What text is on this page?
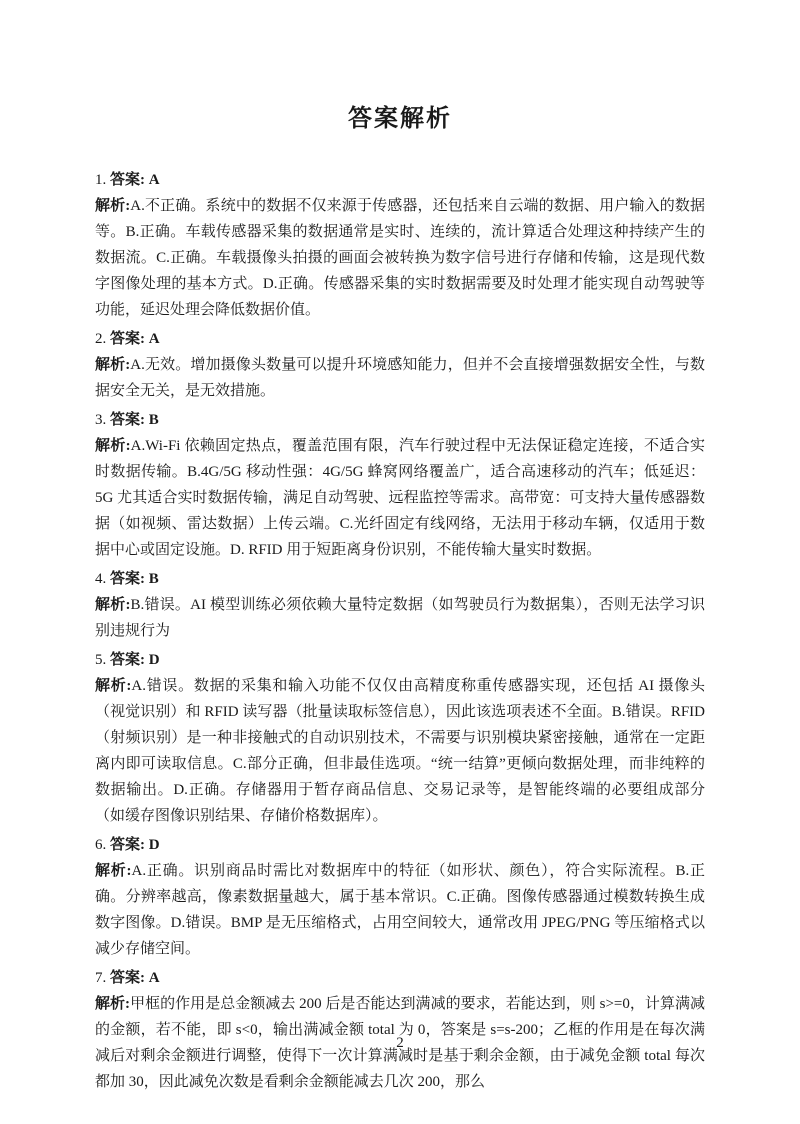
答案解析

1. 答案: A

解析:A.不正确。系统中的数据不仅来源于传感器，还包括来自云端的数据、用户输入的数据等。B.正确。车载传感器采集的数据通常是实时、连续的，流计算适合处理这种持续产生的数据流。C.正确。车载摄像头拍摄的画面会被转换为数字信号进行存储和传输，这是现代数字图像处理的基本方式。D.正确。传感器采集的实时数据需要及时处理才能实现自动驾驶等功能，延迟处理会降低数据价值。

2. 答案: A

解析:A.无效。增加摄像头数量可以提升环境感知能力，但并不会直接增强数据安全性，与数据安全无关，是无效措施。

3. 答案: B

解析:A.Wi-Fi 依赖固定热点，覆盖范围有限，汽车行驶过程中无法保证稳定连接，不适合实时数据传输。B.4G/5G 移动性强：4G/5G 蜂窝网络覆盖广，适合高速移动的汽车；低延迟：5G 尤其适合实时数据传输，满足自动驾驶、远程监控等需求。高带宽：可支持大量传感器数据（如视频、雷达数据）上传云端。C.光纤固定有线网络，无法用于移动车辆，仅适用于数据中心或固定设施。D. RFID 用于短距离身份识别，不能传输大量实时数据。

4. 答案: B

解析:B.错误。AI 模型训练必须依赖大量特定数据（如驾驶员行为数据集），否则无法学习识别违规行为

5. 答案: D

解析:A.错误。数据的采集和输入功能不仅仅由高精度称重传感器实现，还包括 AI 摄像头（视觉识别）和 RFID 读写器（批量读取标签信息），因此该选项表述不全面。B.错误。RFID（射频识别）是一种非接触式的自动识别技术，不需要与识别模块紧密接触，通常在一定距离内即可读取信息。C.部分正确，但非最佳选项。“统一结算”更倾向数据处理，而非纯粹的数据输出。D.正确。存储器用于暂存商品信息、交易记录等，是智能终端的必要组成部分（如缓存图像识别结果、存储价格数据库）。

6. 答案: D

解析:A.正确。识别商品时需比对数据库中的特征（如形状、颜色），符合实际流程。B.正确。分辨率越高，像素数据量越大，属于基本常识。C.正确。图像传感器通过模数转换生成数字图像。D.错误。BMP 是无压缩格式，占用空间较大，通常改用 JPEG/PNG 等压缩格式以减少存储空间。

7. 答案: A

解析:甲框的作用是总金额减去 200 后是否能达到满减的要求，若能达到，则 s>=0，计算满减的金额，若不能，即 s<0，输出满减金额 total 为 0，答案是 s=s-200；乙框的作用是在每次满减后对剩余金额进行调整，使得下一次计算满减时是基于剩余金额，由于减免金额 total 每次都加 30，因此减免次数是看剩余金额能减去几次 200，那么

2
